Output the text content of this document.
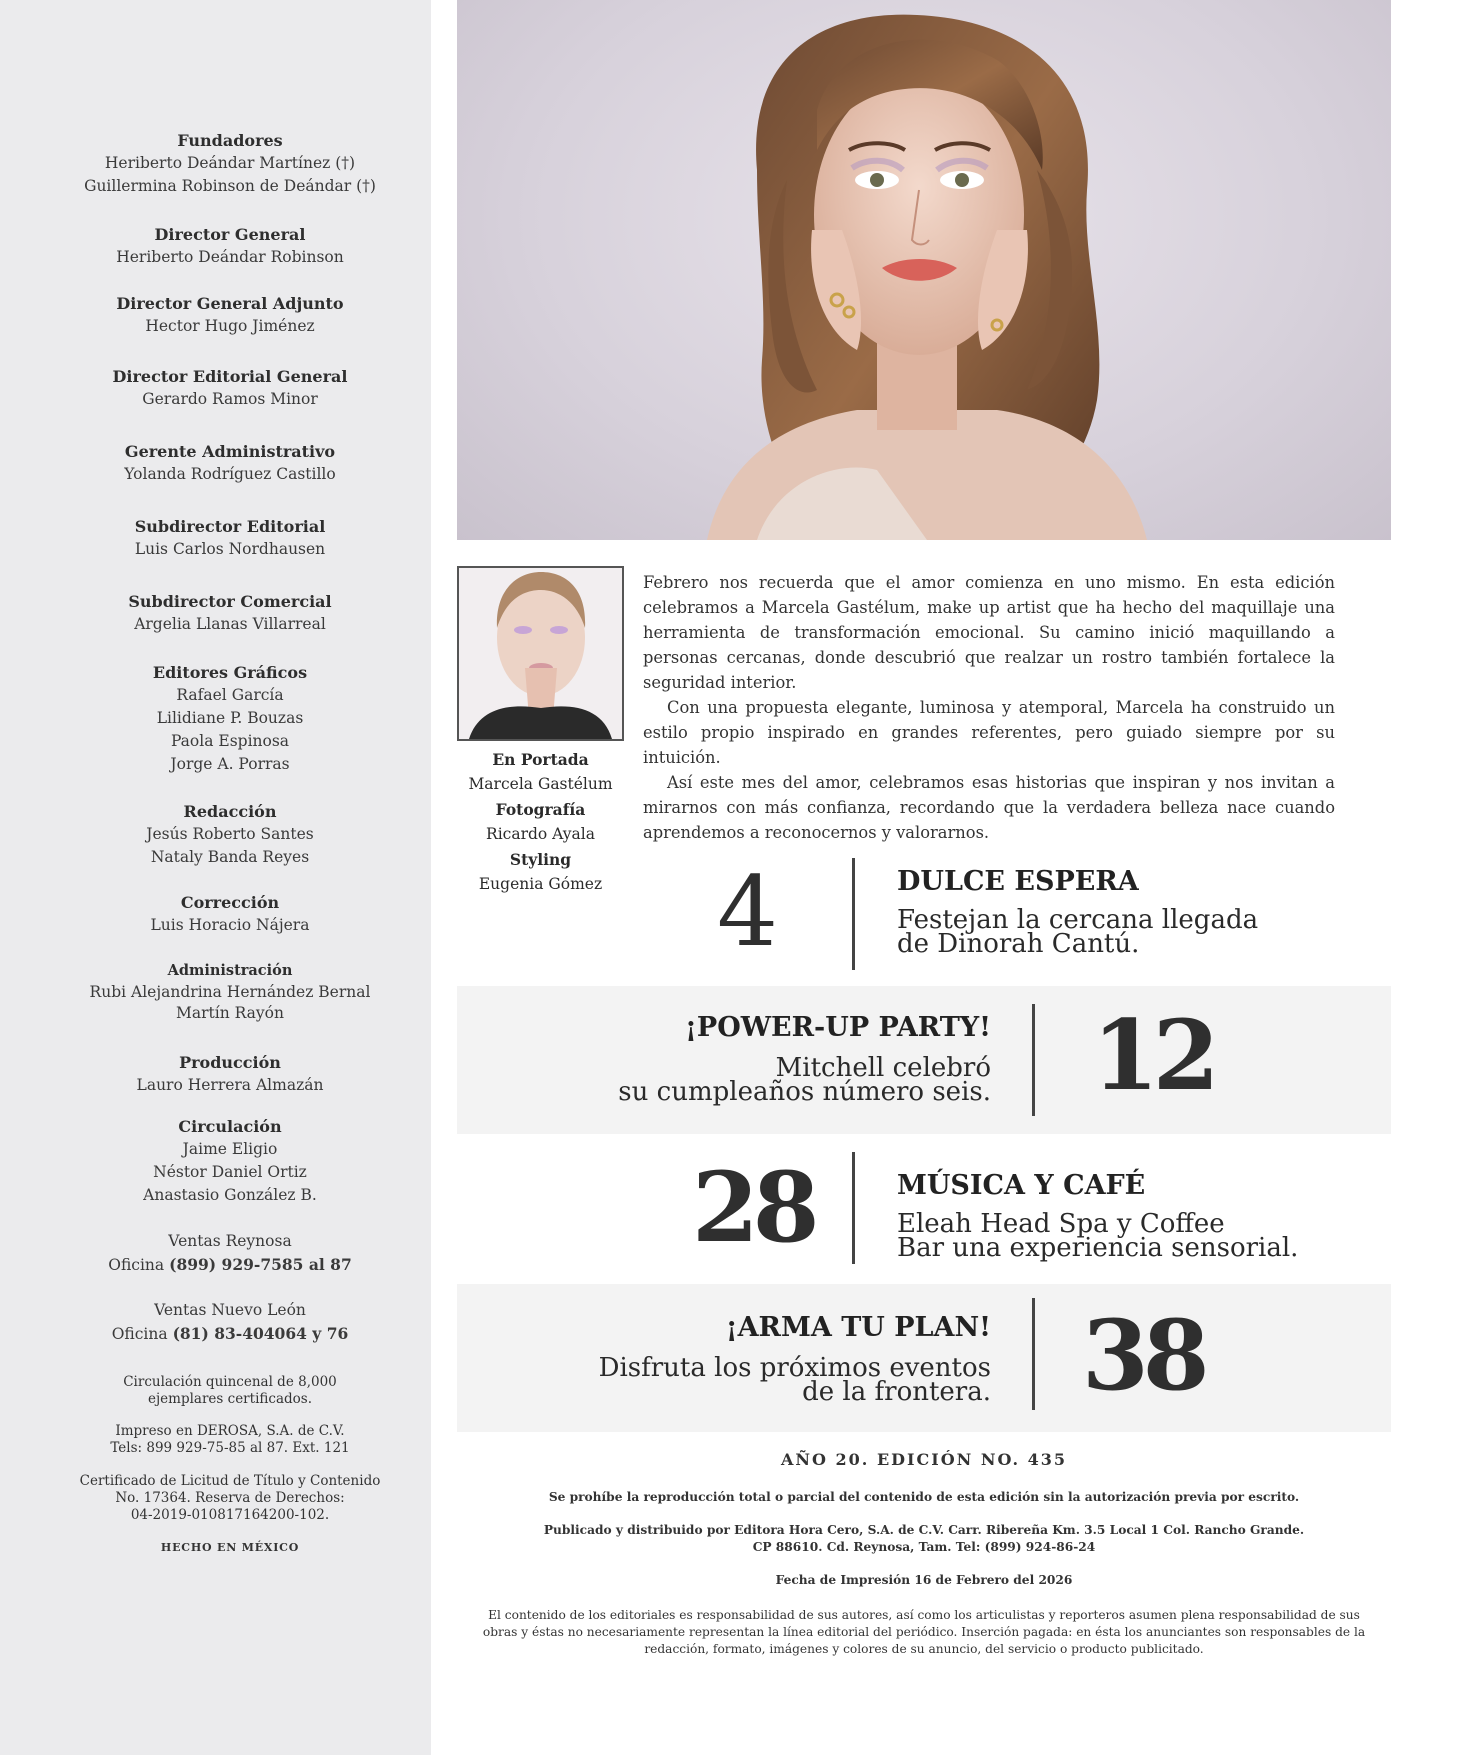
Fundadores
Heriberto Deándar Martínez (†)
Guillermina Robinson de Deándar (†)
Director General
Heriberto Deándar Robinson
Director General Adjunto
Hector Hugo Jiménez
Director Editorial General
Gerardo Ramos Minor
Gerente Administrativo
Yolanda Rodríguez Castillo
Subdirector Editorial
Luis Carlos Nordhausen
Subdirector Comercial
Argelia Llanas Villarreal
Editores Gráficos
Rafael García
Lilidiane P. Bouzas
Paola Espinosa
Jorge A. Porras
Redacción
Jesús Roberto Santes
Nataly Banda Reyes
Corrección
Luis Horacio Nájera
Administración
Rubi Alejandrina Hernández Bernal
Martín Rayón
Producción
Lauro Herrera Almazán
Circulación
Jaime Eligio
Néstor Daniel Ortiz
Anastasio González B.
Ventas Reynosa
Oficina (899) 929-7585 al 87
Ventas Nuevo León
Oficina (81) 83-404064 y 76
Circulación quincenal de 8,000
ejemplares certificados.
Impreso en DEROSA, S.A. de C.V.
Tels: 899 929-75-85 al 87. Ext. 121
Certificado de Licitud de Título y Contenido
No. 17364. Reserva de Derechos:
04-2019-010817164200-102.
HECHO EN MÉXICO
En Portada
Marcela Gastélum
Fotografía
Ricardo Ayala
Styling
Eugenia Gómez

Febrero nos recuerda que el amor comienza en uno mismo. En esta edición celebramos a Marcela Gastélum, make up artist que ha hecho del maquillaje una herramienta de transformación emocional. Su camino inició maquillando a personas cercanas, donde descubrió que realzar un rostro también fortalece la seguridad interior.

Con una propuesta elegante, luminosa y atemporal, Marcela ha construido un estilo propio inspirado en grandes referentes, pero guiado siempre por su intuición.

Así este mes del amor, celebramos esas historias que inspiran y nos invitan a mirarnos con más confianza, recordando que la verdadera belleza nace cuando aprendemos a reconocernos y valorarnos.

4	DULCE ESPERA
Festejan la cercana llegada
de Dinorah Cantú.
¡POWER-UP PARTY!
Mitchell celebró
su cumpleaños número seis. 12
28	MÚSICA Y CAFÉ
Eleah Head Spa y Coffee
Bar una experiencia sensorial.
¡ARMA TU PLAN!
Disfruta los próximos eventos
de la frontera. 38
AÑO 20. EDICIÓN NO. 435
Se prohíbe la reproducción total o parcial del contenido de esta edición sin la autorización previa por escrito.
Publicado y distribuido por Editora Hora Cero, S.A. de C.V. Carr. Ribereña Km. 3.5 Local 1 Col. Rancho Grande.
CP 88610. Cd. Reynosa, Tam. Tel: (899) 924-86-24
Fecha de Impresión 16 de Febrero del 2026
El contenido de los editoriales es responsabilidad de sus autores, así como los articulistas y reporteros asumen plena responsabilidad de sus
obras y éstas no necesariamente representan la línea editorial del periódico. Inserción pagada: en ésta los anunciantes son responsables de la
redacción, formato, imágenes y colores de su anuncio, del servicio o producto publicitado.
